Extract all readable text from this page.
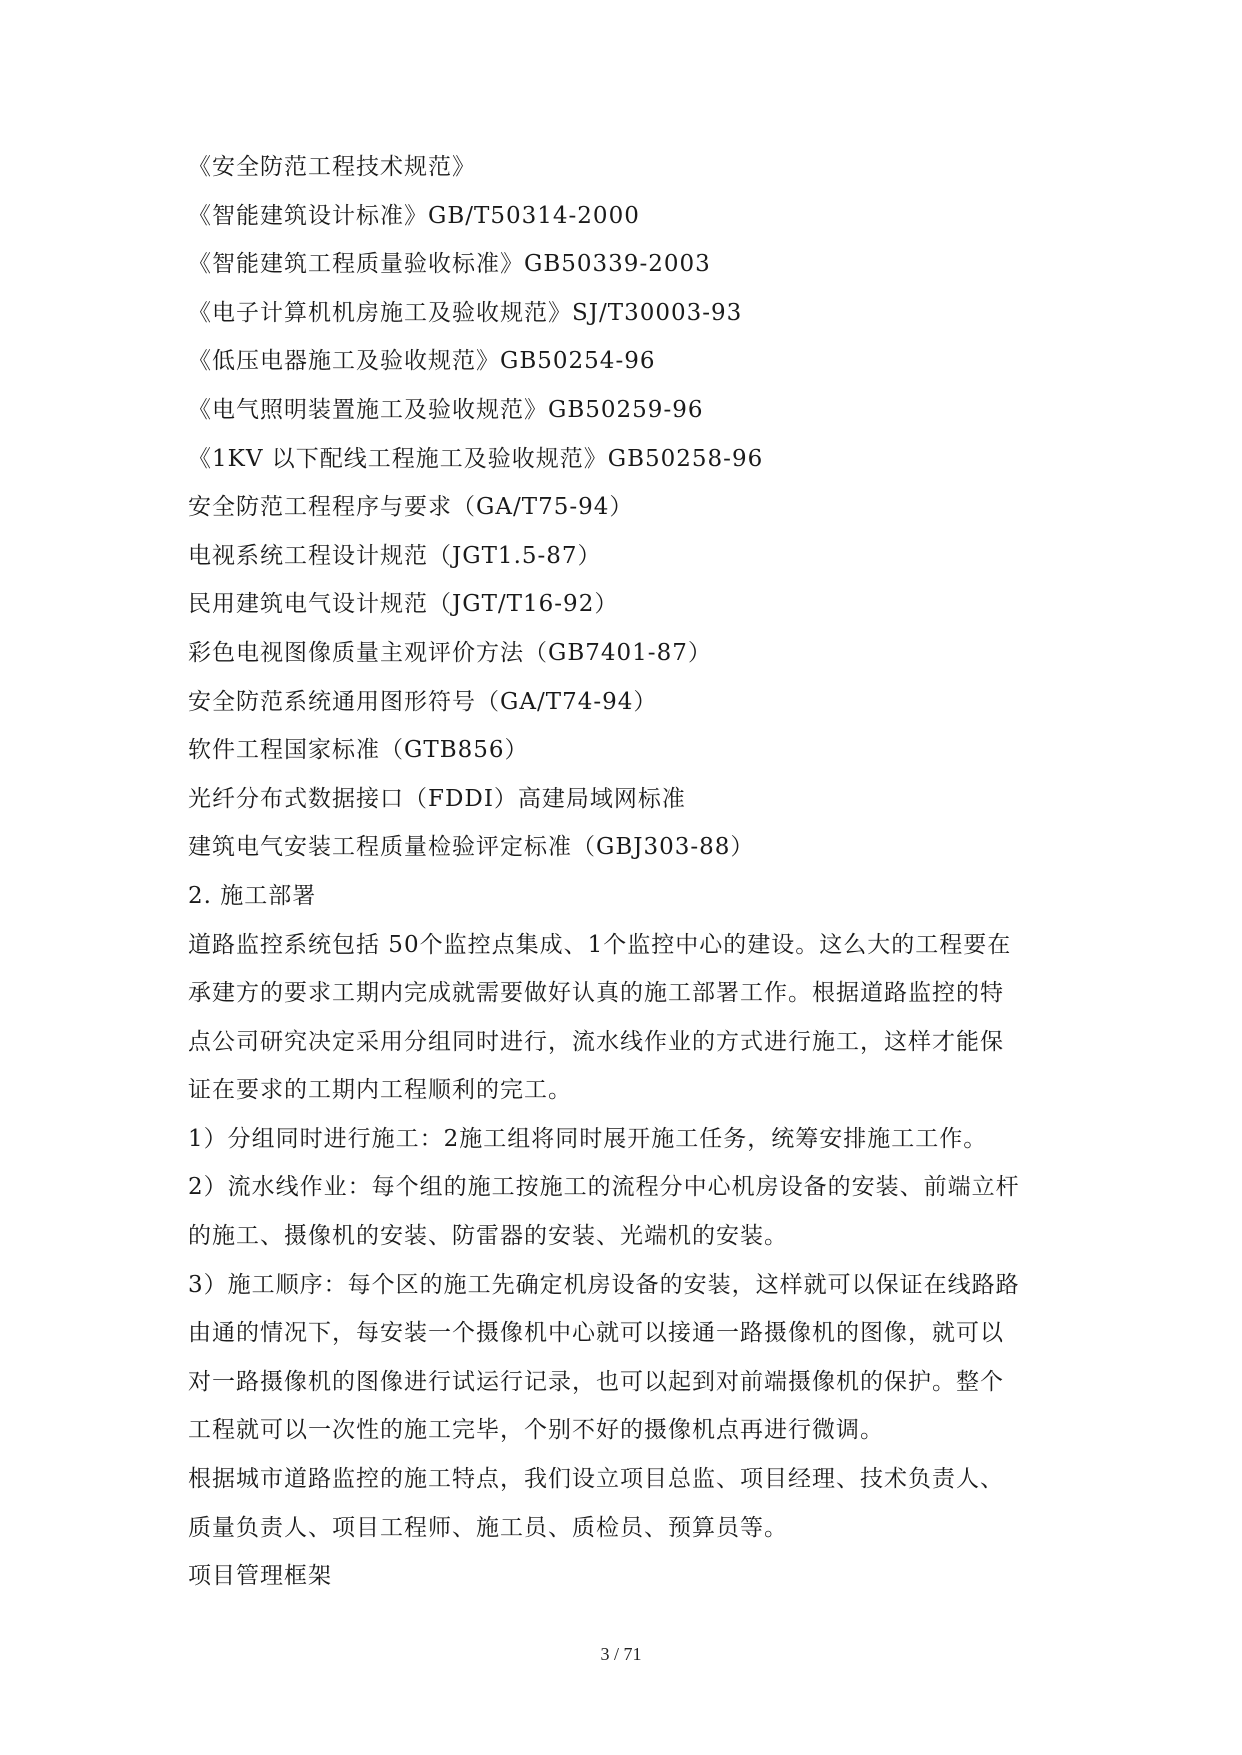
《安全防范工程技术规范》
《智能建筑设计标准》GB/T50314-2000
《智能建筑工程质量验收标准》GB50339-2003
《电子计算机机房施工及验收规范》SJ/T30003-93
《低压电器施工及验收规范》GB50254-96
《电气照明装置施工及验收规范》GB50259-96
《1KV 以下配线工程施工及验收规范》GB50258-96
安全防范工程程序与要求（GA/T75-94）
电视系统工程设计规范（JGT1.5-87）
民用建筑电气设计规范（JGT/T16-92）
彩色电视图像质量主观评价方法（GB7401-87）
安全防范系统通用图形符号（GA/T74-94）
软件工程国家标准（GTB856）
光纤分布式数据接口（FDDI）高建局域网标准
建筑电气安装工程质量检验评定标准（GBJ303-88）
2. 施工部署
道路监控系统包括 50个监控点集成、1个监控中心的建设。这么大的工程要在
承建方的要求工期内完成就需要做好认真的施工部署工作。根据道路监控的特
点公司研究决定采用分组同时进行，流水线作业的方式进行施工，这样才能保
证在要求的工期内工程顺利的完工。
1）分组同时进行施工：2施工组将同时展开施工任务，统筹安排施工工作。
2）流水线作业：每个组的施工按施工的流程分中心机房设备的安装、前端立杆
的施工、摄像机的安装、防雷器的安装、光端机的安装。
3）施工顺序：每个区的施工先确定机房设备的安装，这样就可以保证在线路路
由通的情况下，每安装一个摄像机中心就可以接通一路摄像机的图像，就可以
对一路摄像机的图像进行试运行记录，也可以起到对前端摄像机的保护。整个
工程就可以一次性的施工完毕，个别不好的摄像机点再进行微调。
根据城市道路监控的施工特点，我们设立项目总监、项目经理、技术负责人、
质量负责人、项目工程师、施工员、质检员、预算员等。
项目管理框架
3 / 71
